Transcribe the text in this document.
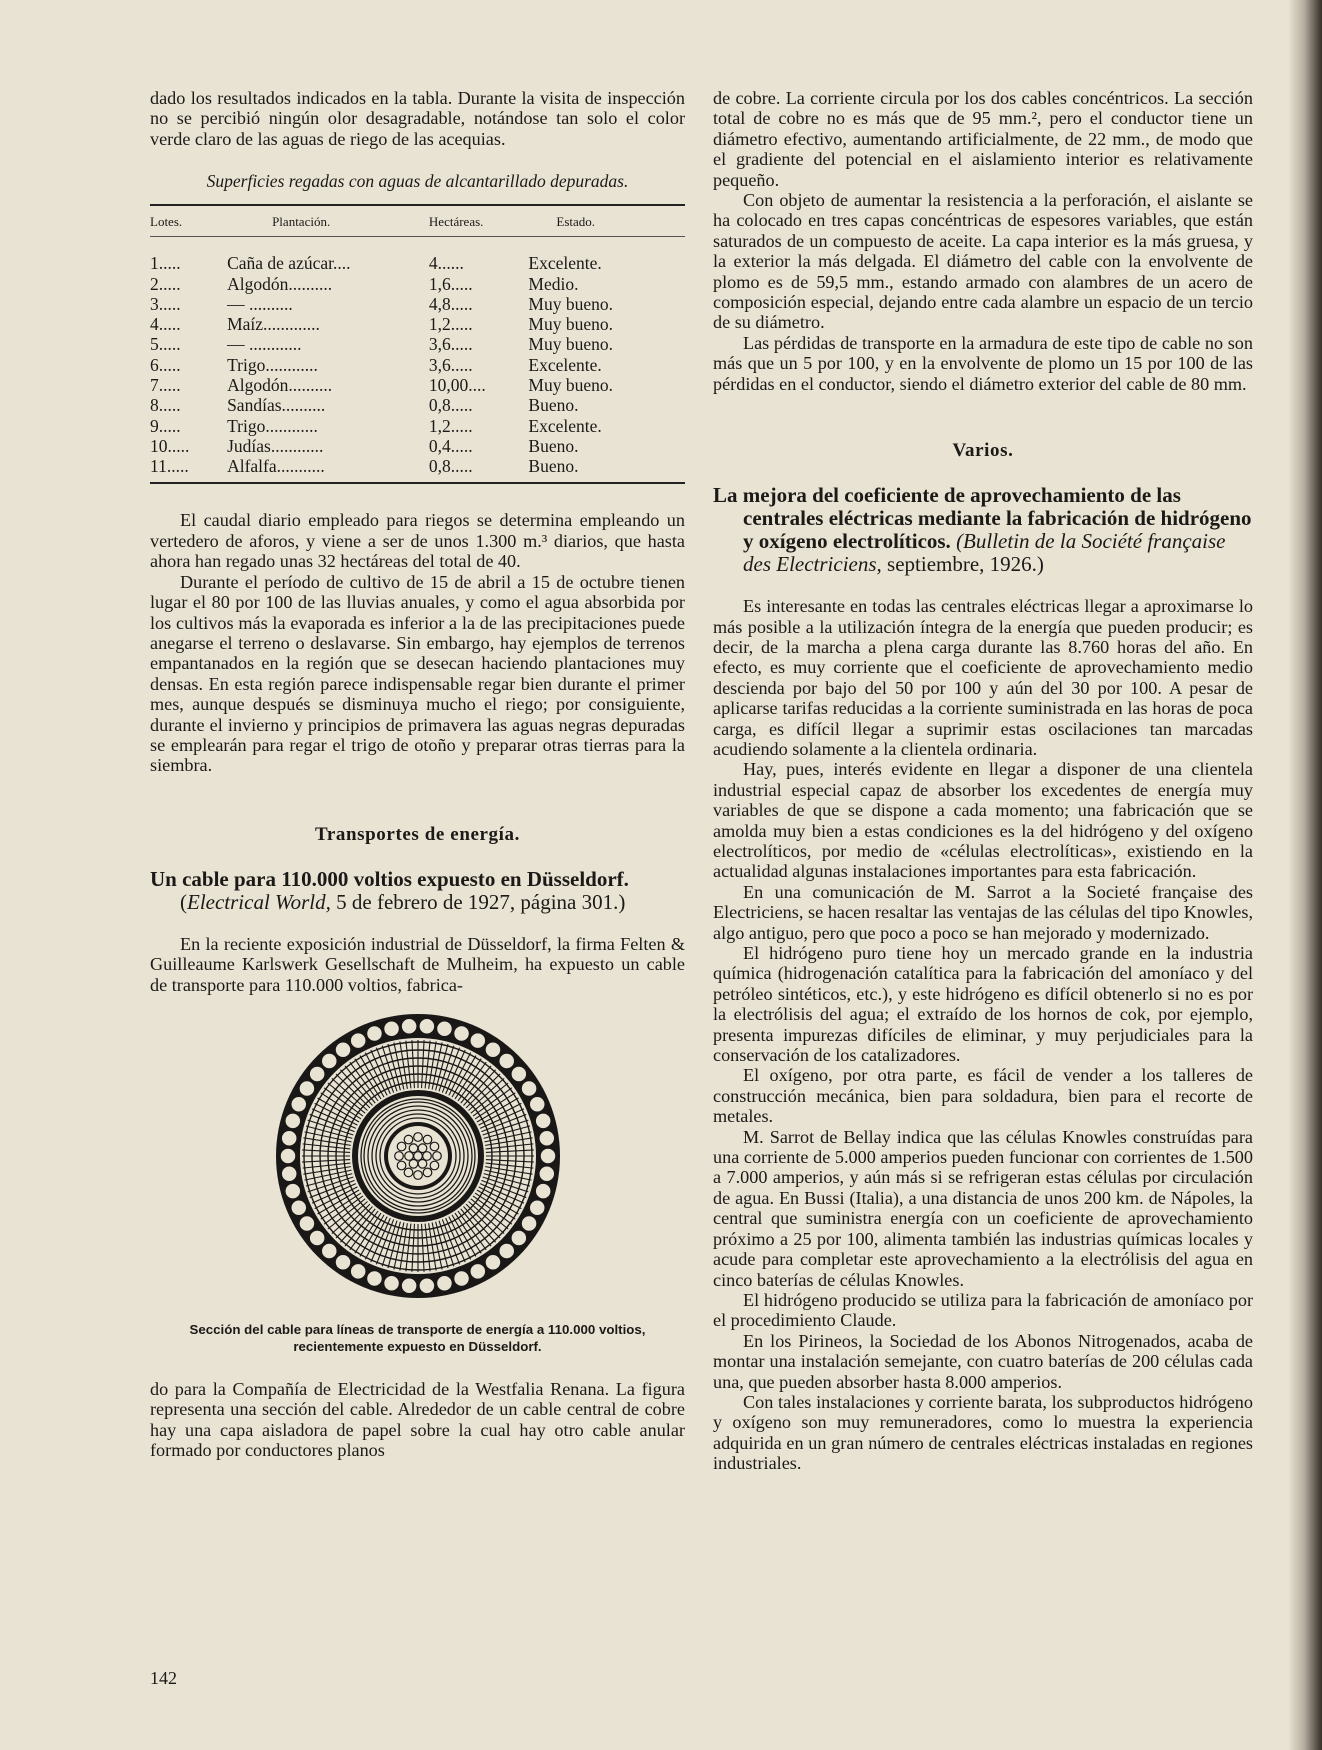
dado los resultados indicados en la tabla. Durante la visita de inspección no se percibió ningún olor desagradable, notándose tan solo el color verde claro de las aguas de riego de las acequias.

Superficies regadas con aguas de alcantarillado depuradas.
Lotes.	Plantación.	Hectáreas.	Estado.
1.....	Caña de azúcar....	4......	Excelente.
2.....	Algodón..........	1,6.....	Medio.
3.....	— ..........	4,8.....	Muy bueno.
4.....	Maíz.............	1,2.....	Muy bueno.
5.....	— ............	3,6.....	Muy bueno.
6.....	Trigo............	3,6.....	Excelente.
7.....	Algodón..........	10,00....	Muy bueno.
8.....	Sandías..........	0,8.....	Bueno.
9.....	Trigo............	1,2.....	Excelente.
10.....	Judías............	0,4.....	Bueno.
11.....	Alfalfa...........	0,8.....	Bueno.

El caudal diario empleado para riegos se determina empleando un vertedero de aforos, y viene a ser de unos 1.300 m.³ diarios, que hasta ahora han regado unas 32 hectáreas del total de 40.

Durante el período de cultivo de 15 de abril a 15 de octubre tienen lugar el 80 por 100 de las lluvias anuales, y como el agua absorbida por los cultivos más la evaporada es inferior a la de las precipitaciones puede anegarse el terreno o deslavarse. Sin embargo, hay ejemplos de terrenos empantanados en la región que se desecan haciendo plantaciones muy densas. En esta región parece indispensable regar bien durante el primer mes, aunque después se disminuya mucho el riego; por consiguiente, durante el invierno y principios de primavera las aguas negras depuradas se emplearán para regar el trigo de otoño y preparar otras tierras para la siembra.

Transportes de energía.
Un cable para 110.000 voltios expuesto en Düsseldorf. (Electrical World, 5 de febrero de 1927, página 301.)

En la reciente exposición industrial de Düsseldorf, la firma Felten & Guilleaume Karlswerk Gesellschaft de Mulheim, ha expuesto un cable de transporte para 110.000 voltios, fabrica-

Sección del cable para líneas de transporte de energía a 110.000 voltios, recientemente expuesto en Düsseldorf.

do para la Compañía de Electricidad de la Westfalia Renana. La figura representa una sección del cable. Alrededor de un cable central de cobre hay una capa aisladora de papel sobre la cual hay otro cable anular formado por conductores planos

142

de cobre. La corriente circula por los dos cables concéntricos. La sección total de cobre no es más que de 95 mm.², pero el conductor tiene un diámetro efectivo, aumentando artificialmente, de 22 mm., de modo que el gradiente del potencial en el aislamiento interior es relativamente pequeño.

Con objeto de aumentar la resistencia a la perforación, el aislante se ha colocado en tres capas concéntricas de espesores variables, que están saturados de un compuesto de aceite. La capa interior es la más gruesa, y la exterior la más delgada. El diámetro del cable con la envolvente de plomo es de 59,5 mm., estando armado con alambres de un acero de composición especial, dejando entre cada alambre un espacio de un tercio de su diámetro.

Las pérdidas de transporte en la armadura de este tipo de cable no son más que un 5 por 100, y en la envolvente de plomo un 15 por 100 de las pérdidas en el conductor, siendo el diámetro exterior del cable de 80 mm.

Varios.
La mejora del coeficiente de aprovechamiento de las centrales eléctricas mediante la fabricación de hidrógeno y oxígeno electrolíticos. (Bulletin de la Société française des Electriciens, septiembre, 1926.)

Es interesante en todas las centrales eléctricas llegar a aproximarse lo más posible a la utilización íntegra de la energía que pueden producir; es decir, de la marcha a plena carga durante las 8.760 horas del año. En efecto, es muy corriente que el coeficiente de aprovechamiento medio descienda por bajo del 50 por 100 y aún del 30 por 100. A pesar de aplicarse tarifas reducidas a la corriente suministrada en las horas de poca carga, es difícil llegar a suprimir estas oscilaciones tan marcadas acudiendo solamente a la clientela ordinaria.

Hay, pues, interés evidente en llegar a disponer de una clientela industrial especial capaz de absorber los excedentes de energía muy variables de que se dispone a cada momento; una fabricación que se amolda muy bien a estas condiciones es la del hidrógeno y del oxígeno electrolíticos, por medio de «células electrolíticas», existiendo en la actualidad algunas instalaciones importantes para esta fabricación.

En una comunicación de M. Sarrot a la Societé française des Electriciens, se hacen resaltar las ventajas de las células del tipo Knowles, algo antiguo, pero que poco a poco se han mejorado y modernizado.

El hidrógeno puro tiene hoy un mercado grande en la industria química (hidrogenación catalítica para la fabricación del amoníaco y del petróleo sintéticos, etc.), y este hidrógeno es difícil obtenerlo si no es por la electrólisis del agua; el extraído de los hornos de cok, por ejemplo, presenta impurezas difíciles de eliminar, y muy perjudiciales para la conservación de los catalizadores.

El oxígeno, por otra parte, es fácil de vender a los talleres de construcción mecánica, bien para soldadura, bien para el recorte de metales.

M. Sarrot de Bellay indica que las células Knowles construídas para una corriente de 5.000 amperios pueden funcionar con corrientes de 1.500 a 7.000 amperios, y aún más si se refrigeran estas células por circulación de agua. En Bussi (Italia), a una distancia de unos 200 km. de Nápoles, la central que suministra energía con un coeficiente de aprovechamiento próximo a 25 por 100, alimenta también las industrias químicas locales y acude para completar este aprovechamiento a la electrólisis del agua en cinco baterías de células Knowles.

El hidrógeno producido se utiliza para la fabricación de amoníaco por el procedimiento Claude.

En los Pirineos, la Sociedad de los Abonos Nitrogenados, acaba de montar una instalación semejante, con cuatro baterías de 200 células cada una, que pueden absorber hasta 8.000 amperios.

Con tales instalaciones y corriente barata, los subproductos hidrógeno y oxígeno son muy remuneradores, como lo muestra la experiencia adquirida en un gran número de centrales eléctricas instaladas en regiones industriales.
